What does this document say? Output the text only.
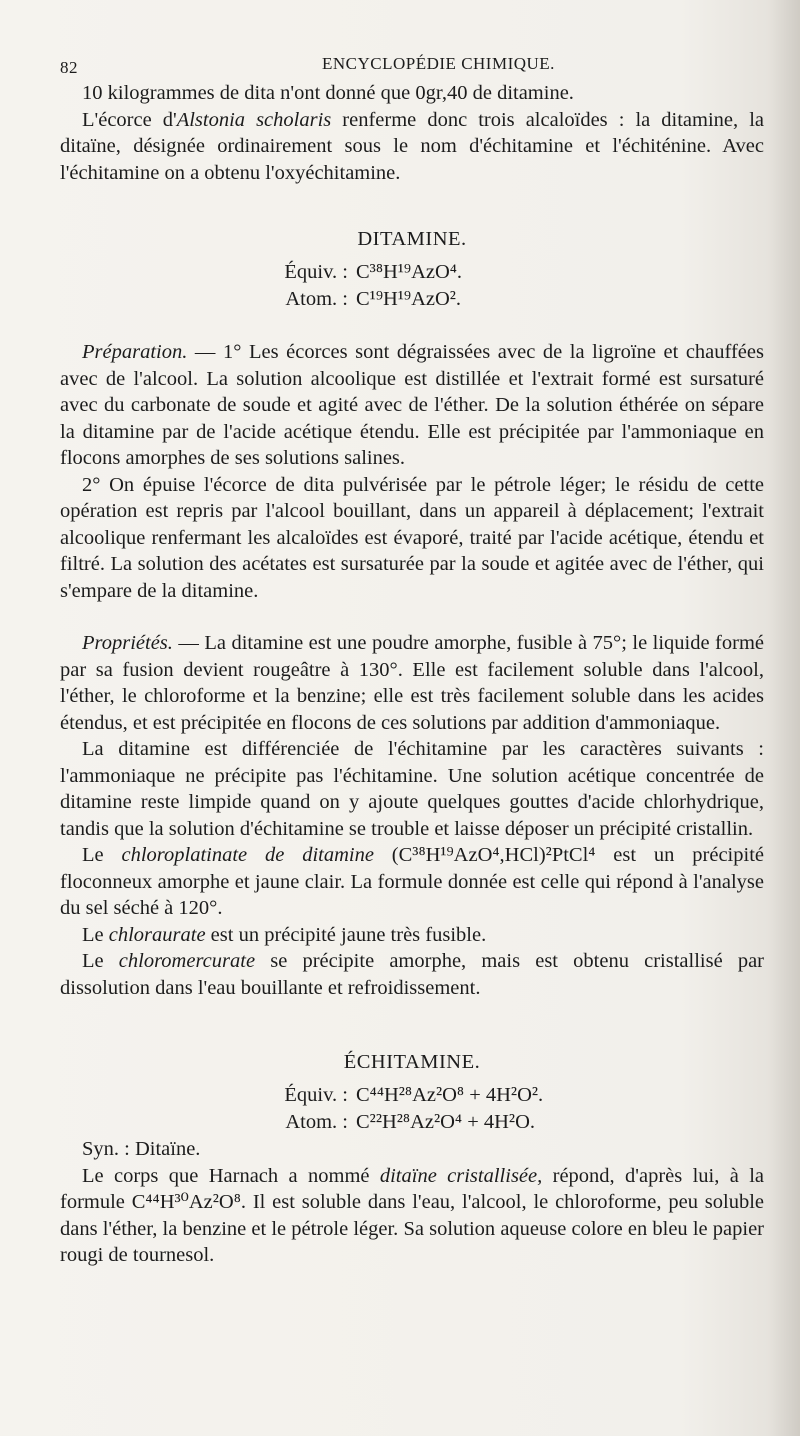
82	ENCYCLOPÉDIE CHIMIQUE.

10 kilogrammes de dita n'ont donné que 0gr,40 de ditamine.

L'écorce d'Alstonia scholaris renferme donc trois alcaloïdes : la ditamine, la ditaïne, désignée ordinairement sous le nom d'échitamine et l'échiténine. Avec l'échitamine on a obtenu l'oxyéchitamine.

DITAMINE.

Équiv. : C³⁸H¹⁹AzO⁴.
Atom. : C¹⁹H¹⁹AzO².

Préparation. — 1° Les écorces sont dégraissées avec de la ligroïne et chauffées avec de l'alcool. La solution alcoolique est distillée et l'extrait formé est sursaturé avec du carbonate de soude et agité avec de l'éther. De la solution éthérée on sépare la ditamine par de l'acide acétique étendu. Elle est précipitée par l'ammoniaque en flocons amorphes de ses solutions salines.

2° On épuise l'écorce de dita pulvérisée par le pétrole léger; le résidu de cette opération est repris par l'alcool bouillant, dans un appareil à déplacement; l'extrait alcoolique renfermant les alcaloïdes est évaporé, traité par l'acide acétique, étendu et filtré. La solution des acétates est sursaturée par la soude et agitée avec de l'éther, qui s'empare de la ditamine.

Propriétés. — La ditamine est une poudre amorphe, fusible à 75°; le liquide formé par sa fusion devient rougeâtre à 130°. Elle est facilement soluble dans l'alcool, l'éther, le chloroforme et la benzine; elle est très facilement soluble dans les acides étendus, et est précipitée en flocons de ces solutions par addition d'ammoniaque.

La ditamine est différenciée de l'échitamine par les caractères suivants : l'ammoniaque ne précipite pas l'échitamine. Une solution acétique concentrée de ditamine reste limpide quand on y ajoute quelques gouttes d'acide chlorhydrique, tandis que la solution d'échitamine se trouble et laisse déposer un précipité cristallin.

Le chloroplatinate de ditamine (C³⁸H¹⁹AzO⁴,HCl)²PtCl⁴ est un précipité floconneux amorphe et jaune clair. La formule donnée est celle qui répond à l'analyse du sel séché à 120°.

Le chloraurate est un précipité jaune très fusible.

Le chloromercurate se précipite amorphe, mais est obtenu cristallisé par dissolution dans l'eau bouillante et refroidissement.

ÉCHITAMINE.

Équiv. : C⁴⁴H²⁸Az²O⁸ + 4H²O².
Atom. : C²²H²⁸Az²O⁴ + 4H²O.

Syn. : Ditaïne.

Le corps que Harnach a nommé ditaïne cristallisée, répond, d'après lui, à la formule C⁴⁴H³⁰Az²O⁸. Il est soluble dans l'eau, l'alcool, le chloroforme, peu soluble dans l'éther, la benzine et le pétrole léger. Sa solution aqueuse colore en bleu le papier rougi de tournesol.
